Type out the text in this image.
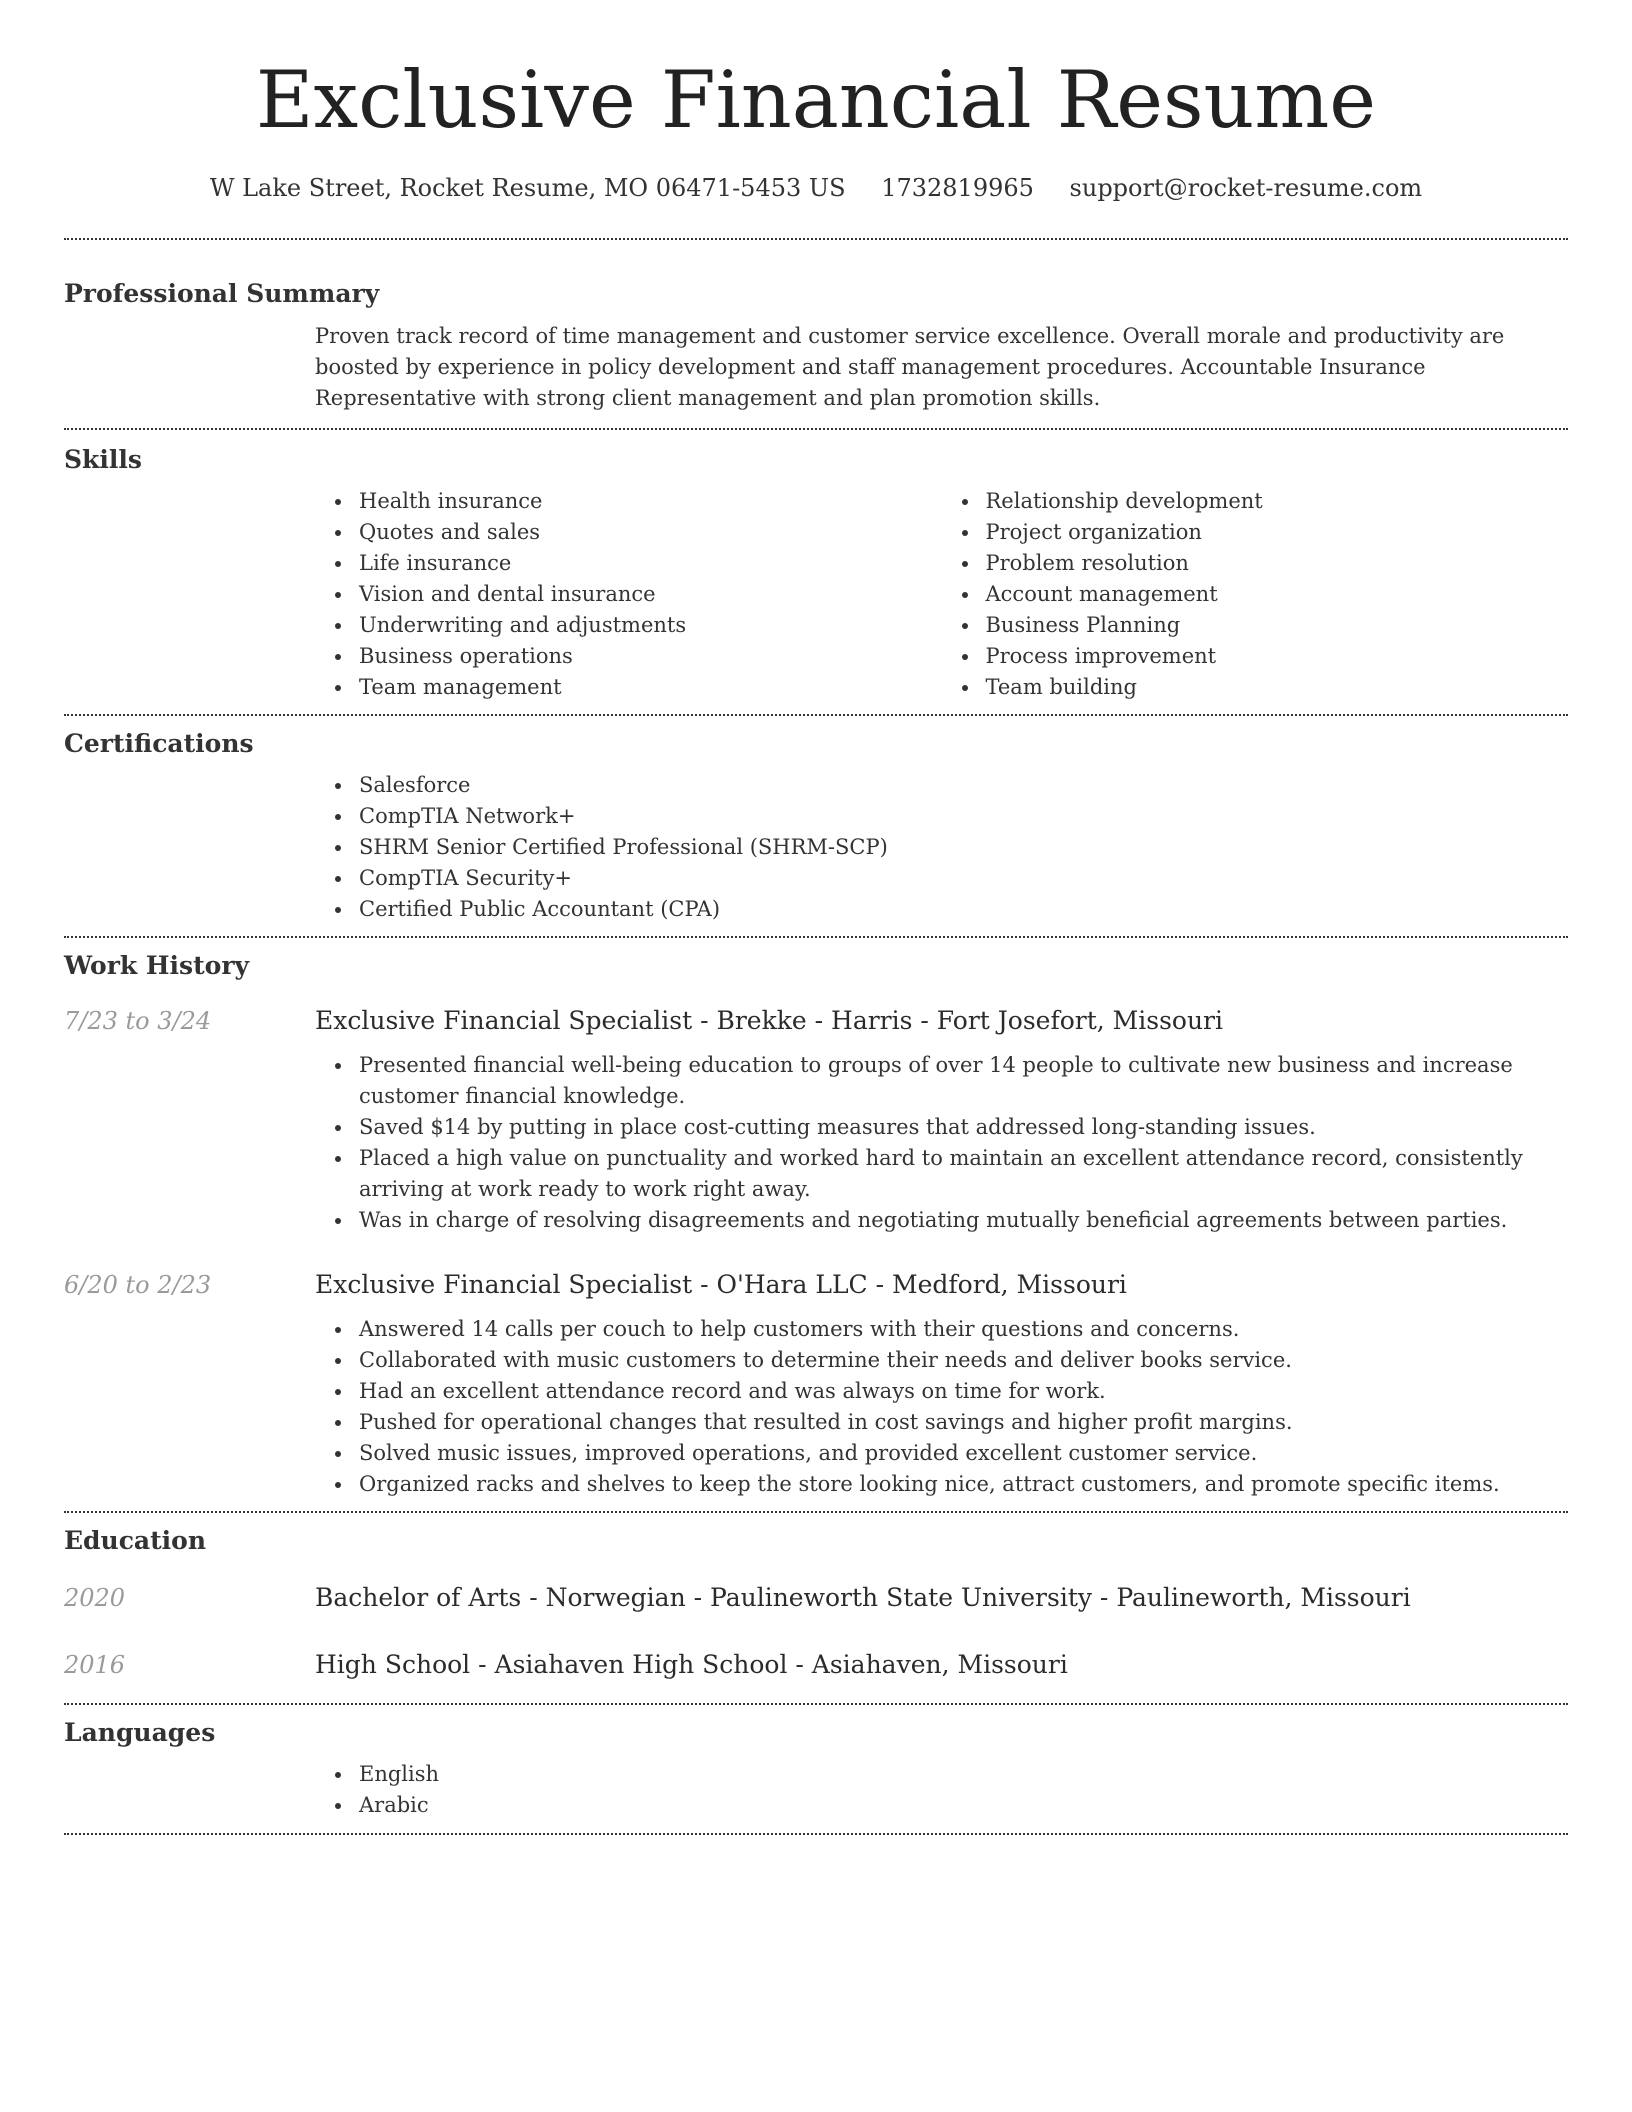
Exclusive Financial Resume
W Lake Street, Rocket Resume, MO 06471-5453 US 1732819965 support@rocket-resume.com
Professional Summary
Proven track record of time management and customer service excellence. Overall morale and productivity are boosted by experience in policy development and staff management procedures. Accountable Insurance Representative with strong client management and plan promotion skills.
Skills
Health insurance
Quotes and sales
Life insurance
Vision and dental insurance
Underwriting and adjustments
Business operations
Team management
Relationship development
Project organization
Problem resolution
Account management
Business Planning
Process improvement
Team building
Certifications
Salesforce
CompTIA Network+
SHRM Senior Certified Professional (SHRM-SCP)
CompTIA Security+
Certified Public Accountant (CPA)
Work History
7/23 to 3/24	Exclusive Financial Specialist - Brekke - Harris - Fort Josefort, Missouri
Presented financial well-being education to groups of over 14 people to cultivate new business and increase customer financial knowledge.
Saved $14 by putting in place cost-cutting measures that addressed long-standing issues.
Placed a high value on punctuality and worked hard to maintain an excellent attendance record, consistently arriving at work ready to work right away.
Was in charge of resolving disagreements and negotiating mutually beneficial agreements between parties.
6/20 to 2/23	Exclusive Financial Specialist - O'Hara LLC - Medford, Missouri
Answered 14 calls per couch to help customers with their questions and concerns.
Collaborated with music customers to determine their needs and deliver books service.
Had an excellent attendance record and was always on time for work.
Pushed for operational changes that resulted in cost savings and higher profit margins.
Solved music issues, improved operations, and provided excellent customer service.
Organized racks and shelves to keep the store looking nice, attract customers, and promote specific items.
Education
2020	Bachelor of Arts - Norwegian - Paulineworth State University - Paulineworth, Missouri
2016	High School - Asiahaven High School - Asiahaven, Missouri
Languages
English
Arabic
